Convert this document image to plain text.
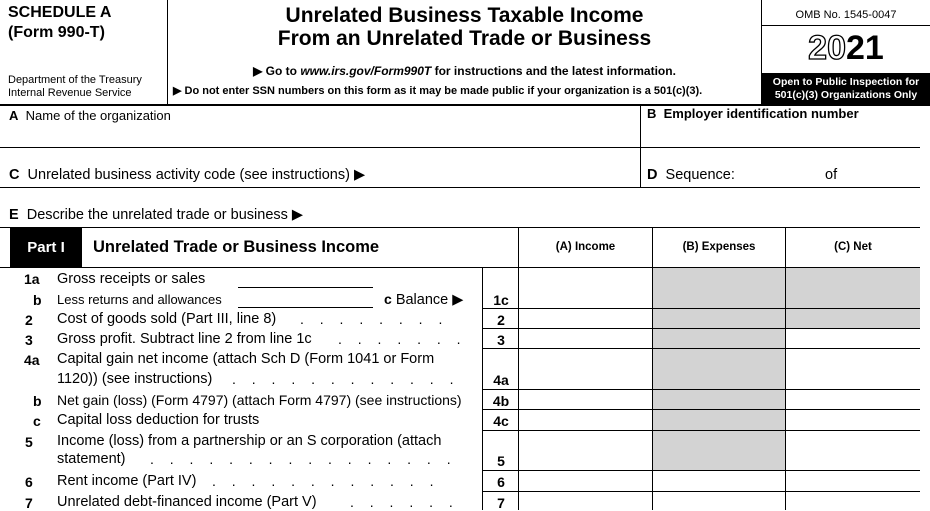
SCHEDULE A
(Form 990-T)
Department of the Treasury
Internal Revenue Service
Unrelated Business Taxable Income
From an Unrelated Trade or Business
▶ Go to www.irs.gov/Form990T for instructions and the latest information.
▶ Do not enter SSN numbers on this form as it may be made public if your organization is a 501(c)(3).
OMB No. 1545-0047
2021
Open to Public Inspection for
501(c)(3) Organizations Only
A Name of the organization	B Employer identification number
C Unrelated business activity code (see instructions) ▶	D Sequence:	of
E Describe the unrelated trade or business ▶
Part I	Unrelated Trade or Business Income	(A) Income	(B) Expenses	(C) Net
1a Gross receipts or sales
b Less returns and allowances	c Balance ▶	1c
2 Cost of goods sold (Part III, line 8) . . . . . . . .	2
3 Gross profit. Subtract line 2 from line 1c . . . . . . .	3
4a Capital gain net income (attach Sch D (Form 1041 or Form
1120)) (see instructions) . . . . . . . . . . . .	4a
b Net gain (loss) (Form 4797) (attach Form 4797) (see instructions)	4b
c Capital loss deduction for trusts	4c
5 Income (loss) from a partnership or an S corporation (attach
statement) . . . . . . . . . . . . . . . .	5
6 Rent income (Part IV) . . . . . . . . . . . .	6
7 Unrelated debt-financed income (Part V) . . . . . .	7
